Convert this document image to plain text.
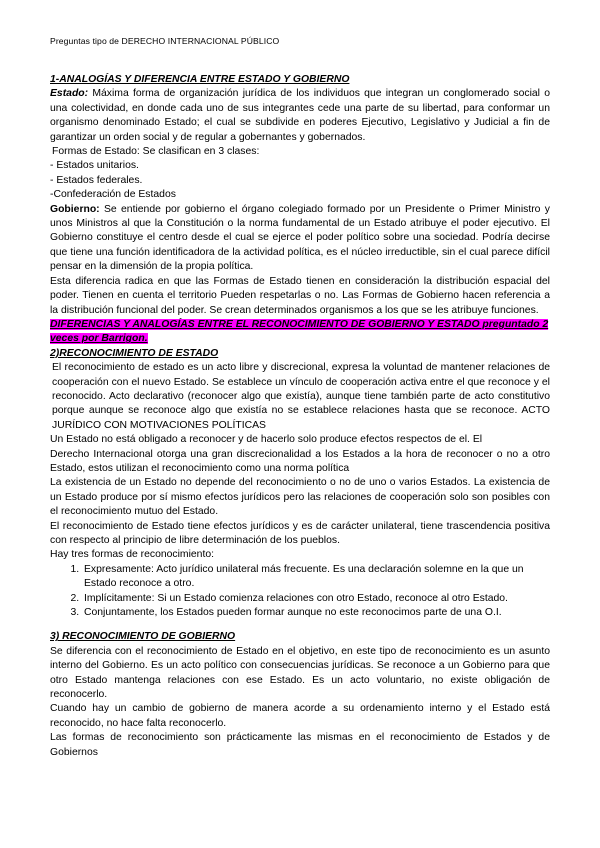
Preguntas tipo de DERECHO INTERNACIONAL PÚBLICO

1-ANALOGÍAS Y DIFERENCIA ENTRE ESTADO Y GOBIERNO

Estado: Máxima forma de organización jurídica de los individuos que integran un conglomerado social o una colectividad, en donde cada uno de sus integrantes cede una parte de su libertad, para conformar un organismo denominado Estado; el cual se subdivide en poderes Ejecutivo, Legislativo y Judicial a fin de garantizar un orden social y de regular a gobernantes y gobernados.

Formas de Estado: Se clasifican en 3 clases:

- Estados unitarios.

- Estados federales.

-Confederación de Estados

Gobierno: Se entiende por gobierno el órgano colegiado formado por un Presidente o Primer Ministro y unos Ministros al que la Constitución o la norma fundamental de un Estado atribuye el poder ejecutivo. El Gobierno constituye el centro desde el cual se ejerce el poder político sobre una sociedad. Podría decirse que tiene una función identificadora de la actividad política, es el núcleo irreductible, sin el cual parece difícil pensar en la dimensión de la propia política.

Esta diferencia radica en que las Formas de Estado tienen en consideración la distribución espacial del poder. Tienen en cuenta el territorio Pueden respetarlas o no. Las Formas de Gobierno hacen referencia a la distribución funcional del poder. Se crean determinados organismos a los que se les atribuye funciones.

DIFERENCIAS Y ANALOGÍAS ENTRE EL RECONOCIMIENTO DE GOBIERNO Y ESTADO preguntado 2 veces por Barrigon.

2)RECONOCIMIENTO DE ESTADO

El reconocimiento de estado es un acto libre y discrecional, expresa la voluntad de mantener relaciones de cooperación con el nuevo Estado. Se establece un vínculo de cooperación activa entre el que reconoce y el reconocido. Acto declarativo (reconocer algo que existía), aunque tiene también parte de acto constitutivo porque aunque se reconoce algo que existía no se establece relaciones hasta que se reconoce. ACTO JURÍDICO CON MOTIVACIONES POLÍTICAS

Un Estado no está obligado a reconocer y de hacerlo solo produce efectos respectos de el. El

Derecho Internacional otorga una gran discrecionalidad a los Estados a la hora de reconocer o no a otro Estado, estos utilizan el reconocimiento como una norma política

La existencia de un Estado no depende del reconocimiento o no de uno o varios Estados. La existencia de un Estado produce por sí mismo efectos jurídicos pero las relaciones de cooperación solo son posibles con el reconocimiento mutuo del Estado.

El reconocimiento de Estado tiene efectos jurídicos y es de carácter unilateral, tiene trascendencia positiva con respecto al principio de libre determinación de los pueblos.

Hay tres formas de reconocimiento:

1. Expresamente: Acto jurídico unilateral más frecuente. Es una declaración solemne en la que un Estado reconoce a otro.
2. Implícitamente: Si un Estado comienza relaciones con otro Estado, reconoce al otro Estado.
3. Conjuntamente, los Estados pueden formar aunque no este reconocimos parte de una O.I.

3) RECONOCIMIENTO DE GOBIERNO

Se diferencia con el reconocimiento de Estado en el objetivo, en este tipo de reconocimiento es un asunto interno del Gobierno. Es un acto político con consecuencias jurídicas. Se reconoce a un Gobierno para que otro Estado mantenga relaciones con ese Estado. Es un acto voluntario, no existe obligación de reconocerlo.

Cuando hay un cambio de gobierno de manera acorde a su ordenamiento interno y el Estado está reconocido, no hace falta reconocerlo.

Las formas de reconocimiento son prácticamente las mismas en el reconocimiento de Estados y de Gobiernos
